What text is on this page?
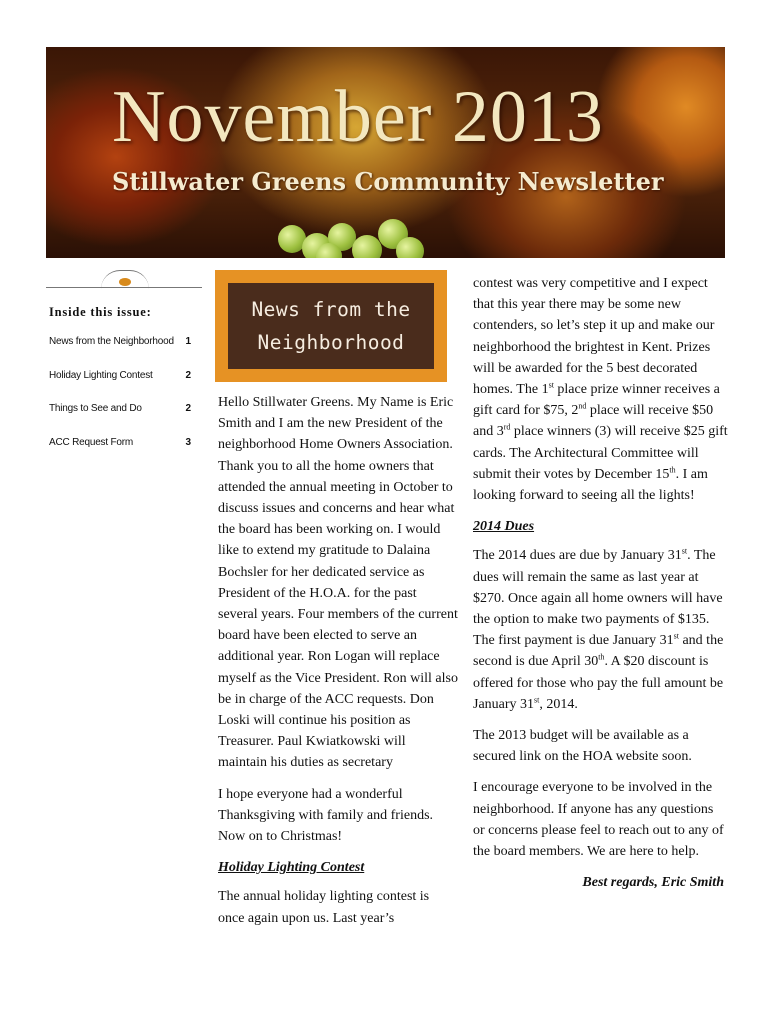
November 2013
Stillwater Greens Community Newsletter
Inside this issue:
News from the Neighborhood 1
Holiday Lighting Contest	2
Things to See and Do	2
ACC Request Form	3
News from the
Neighborhood

Hello Stillwater Greens. My Name is Eric Smith and I am the new President of the neighborhood Home Owners Association. Thank you to all the home owners that attended the annual meeting in October to discuss issues and concerns and hear what the board has been working on. I would like to extend my gratitude to Dalaina Bochsler for her dedicated service as President of the H.O.A. for the past several years. Four members of the current board have been elected to serve an additional year. Ron Logan will replace myself as the Vice President. Ron will also be in charge of the ACC requests. Don Loski will continue his position as Treasurer. Paul Kwiatkowski will maintain his duties as secretary

I hope everyone had a wonderful Thanksgiving with family and friends. Now on to Christmas!

Holiday Lighting Contest

The annual holiday lighting contest is once again upon us. Last year’s

contest was very competitive and I expect that this year there may be some new contenders, so let’s step it up and make our neighborhood the brightest in Kent. Prizes will be awarded for the 5 best decorated homes. The 1st place prize winner receives a gift card for $75, 2nd place will receive $50 and 3rd place winners (3) will receive $25 gift cards. The Architectural Committee will submit their votes by December 15th. I am looking forward to seeing all the lights!

2014 Dues

The 2014 dues are due by January 31st. The dues will remain the same as last year at $270. Once again all home owners will have the option to make two payments of $135. The first payment is due January 31st and the second is due April 30th. A $20 discount is offered for those who pay the full amount be January 31st, 2014.

The 2013 budget will be available as a secured link on the HOA website soon.

I encourage everyone to be involved in the neighborhood. If anyone has any questions or concerns please feel to reach out to any of the board members. We are here to help.

Best regards, Eric Smith
